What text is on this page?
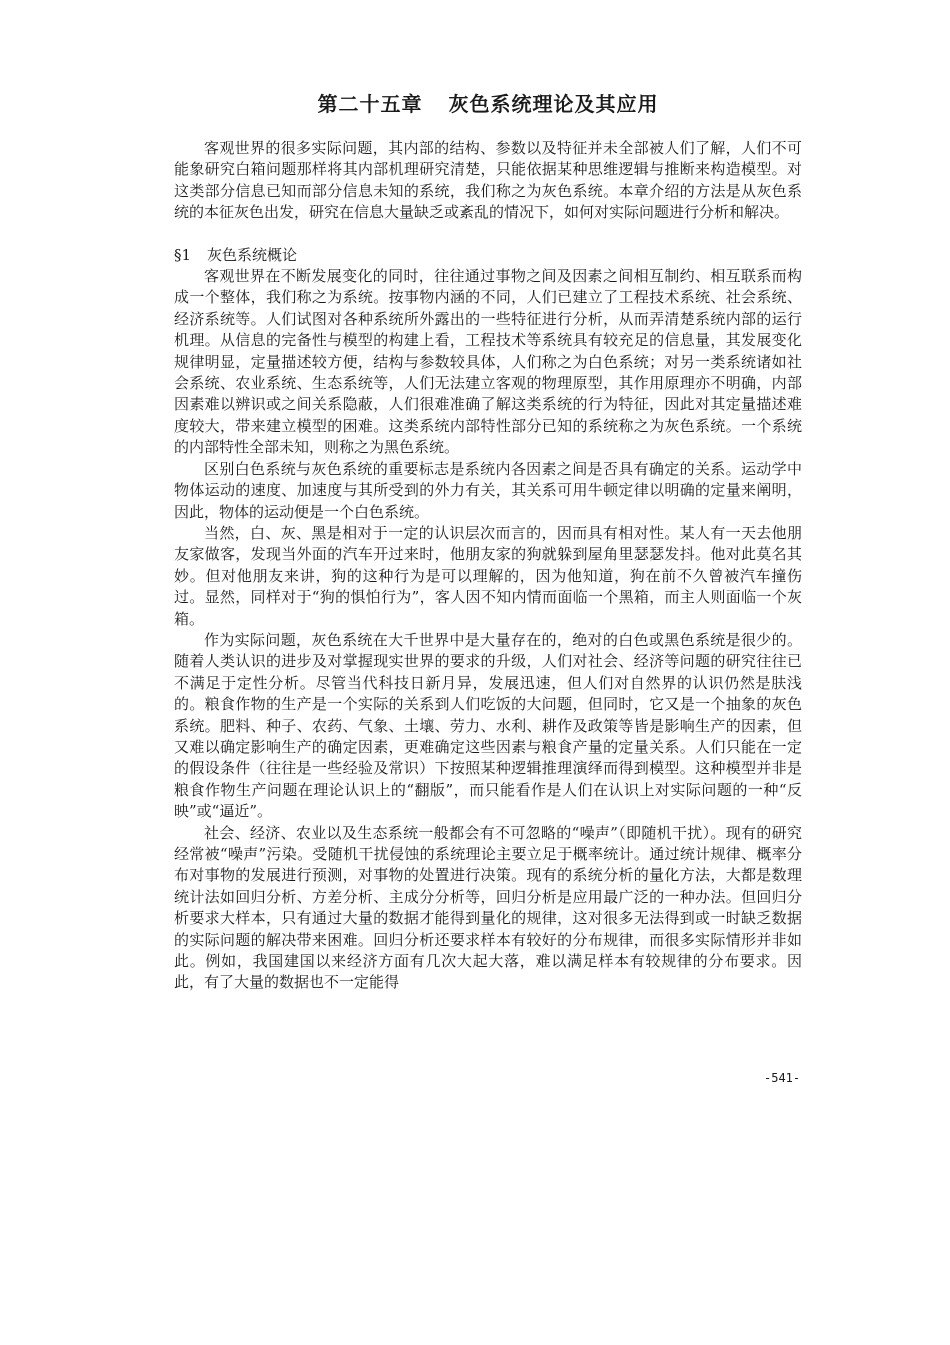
第二十五章 灰色系统理论及其应用

客观世界的很多实际问题，其内部的结构、参数以及特征并未全部被人们了解，人们不可能象研究白箱问题那样将其内部机理研究清楚，只能依据某种思维逻辑与推断来构造模型。对这类部分信息已知而部分信息未知的系统，我们称之为灰色系统。本章介绍的方法是从灰色系统的本征灰色出发，研究在信息大量缺乏或紊乱的情况下，如何对实际问题进行分析和解决。

§1 灰色系统概论

客观世界在不断发展变化的同时，往往通过事物之间及因素之间相互制约、相互联系而构成一个整体，我们称之为系统。按事物内涵的不同，人们已建立了工程技术系统、社会系统、经济系统等。人们试图对各种系统所外露出的一些特征进行分析，从而弄清楚系统内部的运行机理。从信息的完备性与模型的构建上看，工程技术等系统具有较充足的信息量，其发展变化规律明显，定量描述较方便，结构与参数较具体，人们称之为白色系统；对另一类系统诸如社会系统、农业系统、生态系统等，人们无法建立客观的物理原型，其作用原理亦不明确，内部因素难以辨识或之间关系隐蔽，人们很难准确了解这类系统的行为特征，因此对其定量描述难度较大，带来建立模型的困难。这类系统内部特性部分已知的系统称之为灰色系统。一个系统的内部特性全部未知，则称之为黑色系统。

区别白色系统与灰色系统的重要标志是系统内各因素之间是否具有确定的关系。运动学中物体运动的速度、加速度与其所受到的外力有关，其关系可用牛顿定律以明确的定量来阐明，因此，物体的运动便是一个白色系统。

当然，白、灰、黑是相对于一定的认识层次而言的，因而具有相对性。某人有一天去他朋友家做客，发现当外面的汽车开过来时，他朋友家的狗就躲到屋角里瑟瑟发抖。他对此莫名其妙。但对他朋友来讲，狗的这种行为是可以理解的，因为他知道，狗在前不久曾被汽车撞伤过。显然，同样对于“狗的惧怕行为”，客人因不知内情而面临一个黑箱，而主人则面临一个灰箱。

作为实际问题，灰色系统在大千世界中是大量存在的，绝对的白色或黑色系统是很少的。随着人类认识的进步及对掌握现实世界的要求的升级，人们对社会、经济等问题的研究往往已不满足于定性分析。尽管当代科技日新月异，发展迅速，但人们对自然界的认识仍然是肤浅的。粮食作物的生产是一个实际的关系到人们吃饭的大问题，但同时，它又是一个抽象的灰色系统。肥料、种子、农药、气象、土壤、劳力、水利、耕作及政策等皆是影响生产的因素，但又难以确定影响生产的确定因素，更难确定这些因素与粮食产量的定量关系。人们只能在一定的假设条件（往往是一些经验及常识）下按照某种逻辑推理演绎而得到模型。这种模型并非是粮食作物生产问题在理论认识上的“翻版”，而只能看作是人们在认识上对实际问题的一种“反映”或“逼近”。

社会、经济、农业以及生态系统一般都会有不可忽略的“噪声”（即随机干扰）。现有的研究经常被“噪声”污染。受随机干扰侵蚀的系统理论主要立足于概率统计。通过统计规律、概率分布对事物的发展进行预测，对事物的处置进行决策。现有的系统分析的量化方法，大都是数理统计法如回归分析、方差分析、主成分分析等，回归分析是应用最广泛的一种办法。但回归分析要求大样本，只有通过大量的数据才能得到量化的规律，这对很多无法得到或一时缺乏数据的实际问题的解决带来困难。回归分析还要求样本有较好的分布规律，而很多实际情形并非如此。例如，我国建国以来经济方面有几次大起大落，难以满足样本有较规律的分布要求。因此，有了大量的数据也不一定能得

-541-
